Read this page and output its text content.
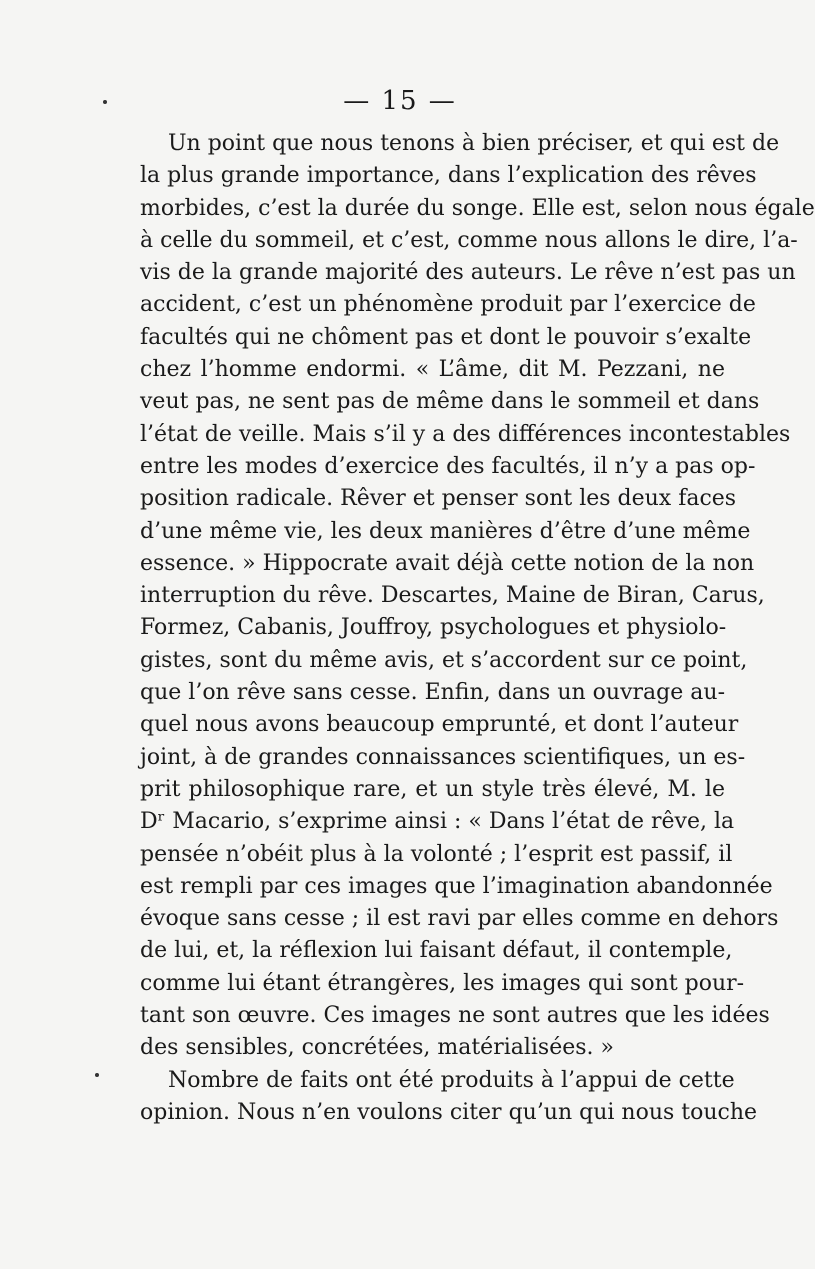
— 15 —
Un point que nous tenons à bien préciser, et qui est de
la plus grande importance, dans l’explication des rêves
morbides, c’est la durée du songe. Elle est, selon nous égale
à celle du sommeil, et c’est, comme nous allons le dire, l’a-
vis de la grande majorité des auteurs. Le rêve n’est pas un
accident, c’est un phénomène produit par l’exercice de
facultés qui ne chôment pas et dont le pouvoir s’exalte
chez l’homme endormi. « L’âme, dit M. Pezzani, ne
veut pas, ne sent pas de même dans le sommeil et dans
l’état de veille. Mais s’il y a des différences incontestables
entre les modes d’exercice des facultés, il n’y a pas op-
position radicale. Rêver et penser sont les deux faces
d’une même vie, les deux manières d’être d’une même
essence. » Hippocrate avait déjà cette notion de la non
interruption du rêve. Descartes, Maine de Biran, Carus,
Formez, Cabanis, Jouffroy, psychologues et physiolo-
gistes, sont du même avis, et s’accordent sur ce point,
que l’on rêve sans cesse. Enfin, dans un ouvrage au-
quel nous avons beaucoup emprunté, et dont l’auteur
joint, à de grandes connaissances scientifiques, un es-
prit philosophique rare, et un style très élevé, M. le
Dʳ Macario, s’exprime ainsi : « Dans l’état de rêve, la
pensée n’obéit plus à la volonté ; l’esprit est passif, il
est rempli par ces images que l’imagination abandonnée
évoque sans cesse ; il est ravi par elles comme en dehors
de lui, et, la réflexion lui faisant défaut, il contemple,
comme lui étant étrangères, les images qui sont pour-
tant son œuvre. Ces images ne sont autres que les idées
des sensibles, concrétées, matérialisées. »
Nombre de faits ont été produits à l’appui de cette
opinion. Nous n’en voulons citer qu’un qui nous touche
